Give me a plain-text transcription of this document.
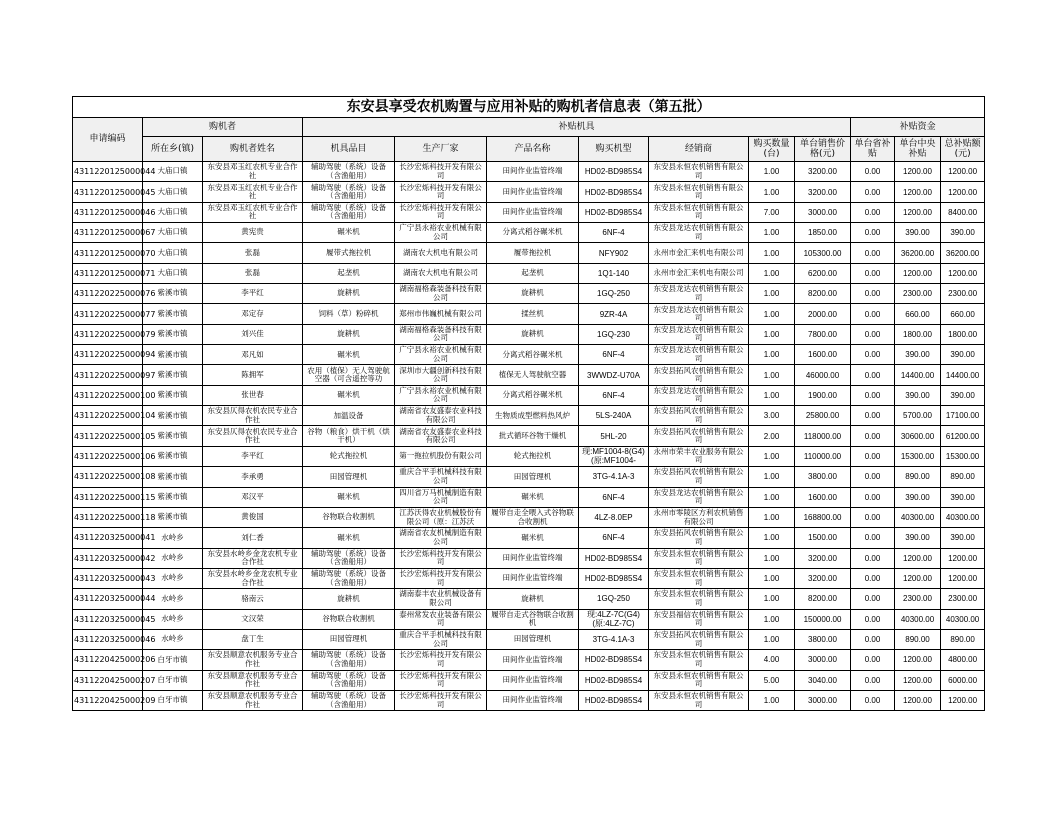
东安县享受农机购置与应用补贴的购机者信息表（第五批）												
申请编码	购机者		补贴机具							补贴资金		
	所在乡(镇)	购机者姓名	机具品目	生产厂家	产品名称	购买机型	经销商	购买数量(台)	单台销售价格(元)	单台省补贴	单台中央补贴	总补贴额(元)
4311220125000044	大庙口镇	东安县邓玉红农机专业合作社	辅助驾驶（系统）设备（含渔船用）	长沙宏烁科技开发有限公司	田间作业监管终端	HD02-BD985S4	东安县永恒农机销售有限公司	1.00	3200.00	0.00	1200.00	1200.00
4311220125000045	大庙口镇	东安县邓玉红农机专业合作社	辅助驾驶（系统）设备（含渔船用）	长沙宏烁科技开发有限公司	田间作业监管终端	HD02-BD985S4	东安县永恒农机销售有限公司	1.00	3200.00	0.00	1200.00	1200.00
4311220125000046	大庙口镇	东安县邓玉红农机专业合作社	辅助驾驶（系统）设备（含渔船用）	长沙宏烁科技开发有限公司	田间作业监管终端	HD02-BD985S4	东安县永恒农机销售有限公司	7.00	3000.00	0.00	1200.00	8400.00
4311220125000067	大庙口镇	黄宪贵	碾米机	广宁县永裕农业机械有限公司	分离式稻谷碾米机	6NF-4	东安县龙达农机销售有限公司	1.00	1850.00	0.00	390.00	390.00
4311220125000070	大庙口镇	张磊	履带式拖拉机	湖南农大机电有限公司	履带拖拉机	NFY902	永州市金汇来机电有限公司	1.00	105300.00	0.00	36200.00	36200.00
4311220125000071	大庙口镇	张磊	起垄机	湖南农大机电有限公司	起垄机	1Q1-140	永州市金汇来机电有限公司	1.00	6200.00	0.00	1200.00	1200.00
4311220225000076	紫溪市镇	李平红	旋耕机	湖南福格森装备科技有限公司	旋耕机	1GQ-250	东安县龙达农机销售有限公司	1.00	8200.00	0.00	2300.00	2300.00
4311220225000077	紫溪市镇	邓定存	饲料（草）粉碎机	郑州市伟巍机械有限公司	揉丝机	9ZR-4A	东安县龙达农机销售有限公司	1.00	2000.00	0.00	660.00	660.00
4311220225000079	紫溪市镇	刘兴佳	旋耕机	湖南福格森装备科技有限公司	旋耕机	1GQ-230	东安县龙达农机销售有限公司	1.00	7800.00	0.00	1800.00	1800.00
4311220225000094	紫溪市镇	邓凡如	碾米机	广宁县永裕农业机械有限公司	分离式稻谷碾米机	6NF-4	东安县龙达农机销售有限公司	1.00	1600.00	0.00	390.00	390.00
4311220225000097	紫溪市镇	陈拥军	农用（植保）无人驾驶航空器（可含遥控等功	深圳市大疆创新科技有限公司	植保无人驾驶航空器	3WWDZ-U70A	东安县拓风农机销售有限公司	1.00	46000.00	0.00	14400.00	14400.00
4311220225000100	紫溪市镇	张世春	碾米机	广宁县永裕农业机械有限公司	分离式稻谷碾米机	6NF-4	东安县龙达农机销售有限公司	1.00	1900.00	0.00	390.00	390.00
4311220225000104	紫溪市镇	东安县仄得农机农民专业合作社	加温设备	湖南省农友盛泰农业科技有限公司	生物质成型燃料热风炉	5LS-240A	东安县拓风农机销售有限公司	3.00	25800.00	0.00	5700.00	17100.00
4311220225000105	紫溪市镇	东安县仄得农机农民专业合作社	谷物（粮食）烘干机（烘干机）	湖南省农友盛泰农业科技有限公司	批式循环谷物干燥机	5HL-20	东安县拓风农机销售有限公司	2.00	118000.00	0.00	30600.00	61200.00
4311220225000106	紫溪市镇	李平红	轮式拖拉机	第一拖拉机股份有限公司	轮式拖拉机	现:MF1004-8(G4)(原:MF1004-	永州市荣丰农业服务有限公司	1.00	110000.00	0.00	15300.00	15300.00
4311220225000108	紫溪市镇	李承勇	田园管理机	重庆合平手机械科技有限公司	田园管理机	3TG-4.1A-3	东安县拓风农机销售有限公司	1.00	3800.00	0.00	890.00	890.00
4311220225000115	紫溪市镇	邓汉平	碾米机	四川省万马机械制造有限公司	碾米机	6NF-4	东安县龙达农机销售有限公司	1.00	1600.00	0.00	390.00	390.00
4311220225000118	紫溪市镇	黄俊国	谷物联合收割机	江苏沃得农业机械股份有限公司（原：江苏沃	履带自走全喂入式谷物联合收割机	4LZ-8.0EP	永州市零陵区方利农机销售有限公司	1.00	168800.00	0.00	40300.00	40300.00
4311220325000041	水岭乡	刘仁香	碾米机	湖南省农友机械制造有限公司	碾米机	6NF-4	东安县拓风农机销售有限公司	1.00	1500.00	0.00	390.00	390.00
4311220325000042	水岭乡	东安县水岭乡金龙农机专业合作社	辅助驾驶（系统）设备（含渔船用）	长沙宏烁科技开发有限公司	田间作业监管终端	HD02-BD985S4	东安县永恒农机销售有限公司	1.00	3200.00	0.00	1200.00	1200.00
4311220325000043	水岭乡	东安县水岭乡金龙农机专业合作社	辅助驾驶（系统）设备（含渔船用）	长沙宏烁科技开发有限公司	田间作业监管终端	HD02-BD985S4	东安县永恒农机销售有限公司	1.00	3200.00	0.00	1200.00	1200.00
4311220325000044	水岭乡	骆南云	旋耕机	湖南泰丰农业机械设备有限公司	旋耕机	1GQ-250	东安县永恒农机销售有限公司	1.00	8200.00	0.00	2300.00	2300.00
4311220325000045	水岭乡	文汉荣	谷物联合收割机	泰州常发农业装备有限公司	履带自走式谷物联合收割机	现:4LZ-7C(G4)(原:4LZ-7C)	东安县福信农机销售有限公司	1.00	150000.00	0.00	40300.00	40300.00
4311220325000046	水岭乡	盘丁生	田园管理机	重庆合平手机械科技有限公司	田园管理机	3TG-4.1A-3	东安县拓风农机销售有限公司	1.00	3800.00	0.00	890.00	890.00
4311220425000206	白牙市镇	东安县顺意农机服务专业合作社	辅助驾驶（系统）设备（含渔船用）	长沙宏烁科技开发有限公司	田间作业监管终端	HD02-BD985S4	东安县永恒农机销售有限公司	4.00	3000.00	0.00	1200.00	4800.00
4311220425000207	白牙市镇	东安县顺意农机服务专业合作社	辅助驾驶（系统）设备（含渔船用）	长沙宏烁科技开发有限公司	田间作业监管终端	HD02-BD985S4	东安县永恒农机销售有限公司	5.00	3040.00	0.00	1200.00	6000.00
4311220425000209	白牙市镇	东安县顺意农机服务专业合作社	辅助驾驶（系统）设备（含渔船用）	长沙宏烁科技开发有限公司	田间作业监管终端	HD02-BD985S4	东安县永恒农机销售有限公司	1.00	3000.00	0.00	1200.00	1200.00
